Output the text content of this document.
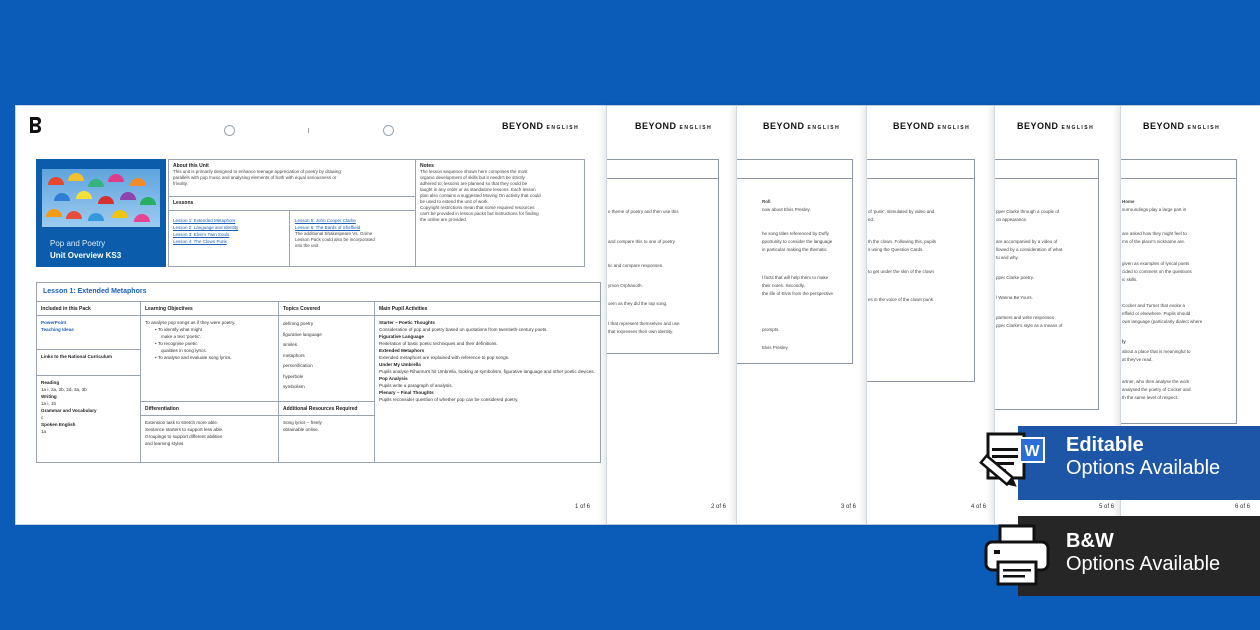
BEYOND ENGLISH
Pop and Poetry
Unit Overview KS3
About this Unit
This unit is primarily designed to enhance teenage appreciation of poetry by drawing
parallels with pop music and analysing elements of both with equal seriousness or
frivolity.
Lessons
Lesson 1: Extended Metaphors
Lesson 2: Language and Identity
Lesson 3: Elvis's Twin Souls
Lesson 4: The Clown Punk
Lesson 5: John Cooper Clarke
Lesson 6: The Bards of Sheffield
The additional Shakespeare Vs. Grime
Lesson Pack could also be incorporated
into the unit.
Notes
The lesson sequence shown here comprises the most
organic development of skills but it needn't be strictly
adhered to; lessons are planned so that they could be
taught in any order or as standalone lessons. Each lesson
plan also contains a suggested Moving On activity that could
be used to extend the unit of work.
Copyright restrictions mean that some required resources
can't be provided in lesson packs but instructions for finding
the online are provided.
Lesson 1: Extended Metaphors
Included in this Pack
PowerPoint
Teaching Ideas
Links to the National Curriculum
Reading
1a i, 2a, 2b, 2d, 3a, 3b
Writing
1a i, 1b
Grammar and Vocabulary
c
Spoken English
1a
Learning Objectives
To analyse pop songs as if they were poetry.
• To identify what might
make a text 'poetic'.
• To recognise poetic
qualities in song lyrics.
• To analyse and evaluate song lyrics.
Differentiation
Extension task to stretch more able.
Sentence starters to support less able.
Groupings to support different abilities
and learning styles.
Topics Covered
defining poetry
figurative language
similes
metaphors
personification
hyperbole
symbolism
Additional Resources Required
Song lyrics – freely
obtainable online.
Main Pupil Activities
Starter – Poetic Thoughts
Consideration of pop and poetry based on quotations from twentieth-century poets.
Figurative Language
Reiteration of basic poetic techniques and their definitions.
Extended Metaphors
Extended metaphors are explained with reference to pop songs.
Under My Umbrella
Pupils analyse Rihanna's hit Umbrella, looking at symbolism, figurative language and other poetic devices.
Pop Analysis
Pupils write a paragraph of analysis.
Plenary – Final Thoughts
Pupils reconsider question of whether pop can be considered poetry.
1 of 6
BEYOND ENGLISH
e theme of poetry and then use this
and compare this to one of poetry
tic and compare responses.
ymon Orphanoth.
oem as they did the rap song.
t that represent themselves and use
that expresses their own identity.
2 of 6
BEYOND ENGLISH
Roll
now about Elvis Presley.
he song titles referenced by Duffy
pportunity to consider the language
in particular making the thematic
l facts that will help them to make
their notes. Secondly,
the life of Elvis from the perspective
prompts.
Elvis Presley.
3 of 6
BEYOND ENGLISH
of 'punk', stimulated by video and
ed.
th the clown. Following this, pupils
s using the Question Cards.
to get under the skin of the clown
es in the voice of the clown punk.
4 of 6
BEYOND ENGLISH
pper Clarke through a couple of
on appearance.
are accompanied by a video of
llowed by a consideration of what
to and why.
pper Clarke poetry.
l Wanna Be Yours.
partners and write responses
pper Clarke's style as a means of
5 of 6
BEYOND ENGLISH
Home
surroundings play a large part in
are asked how they might feel to
ms of the place's nickname are.
given as examples of lyrical poets
cided to comment on the questions
ic skills.
Cocker and Turner that evoke a
effield or elsewhere. Pupils should
own language (particularly dialect where
ly
about a place that is meaningful to
at they've read.
artner, who then analyse the work
analysed the poetry of Cocker and
th the same level of respect.
6 of 6
Editable
Options Available
W
B&W
Options Available
